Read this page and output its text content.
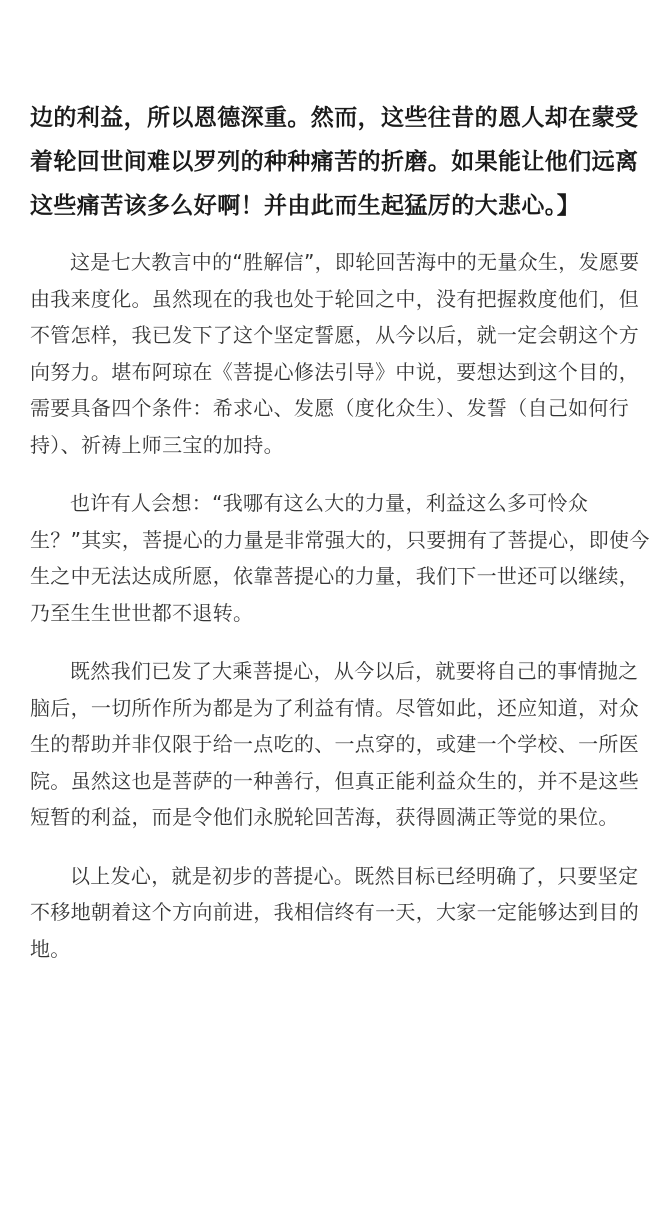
边的利益，所以恩德深重。然而，这些往昔的恩人却在蒙受着轮回世间难以罗列的种种痛苦的折磨。如果能让他们远离这些痛苦该多么好啊！并由此而生起猛厉的大悲心。】

这是七大教言中的“胜解信”，即轮回苦海中的无量众生，发愿要由我来度化。虽然现在的我也处于轮回之中，没有把握救度他们，但不管怎样，我已发下了这个坚定誓愿，从今以后，就一定会朝这个方向努力。堪布阿琼在《菩提心修法引导》中说，要想达到这个目的，需要具备四个条件：希求心、发愿（度化众生）、发誓（自己如何行持）、祈祷上师三宝的加持。

也许有人会想：“我哪有这么大的力量，利益这么多可怜众生？”其实，菩提心的力量是非常强大的，只要拥有了菩提心，即使今生之中无法达成所愿，依靠菩提心的力量，我们下一世还可以继续，乃至生生世世都不退转。

既然我们已发了大乘菩提心，从今以后，就要将自己的事情抛之脑后，一切所作所为都是为了利益有情。尽管如此，还应知道，对众生的帮助并非仅限于给一点吃的、一点穿的，或建一个学校、一所医院。虽然这也是菩萨的一种善行，但真正能利益众生的，并不是这些短暂的利益，而是令他们永脱轮回苦海，获得圆满正等觉的果位。

以上发心，就是初步的菩提心。既然目标已经明确了，只要坚定不移地朝着这个方向前进，我相信终有一天，大家一定能够达到目的地。
